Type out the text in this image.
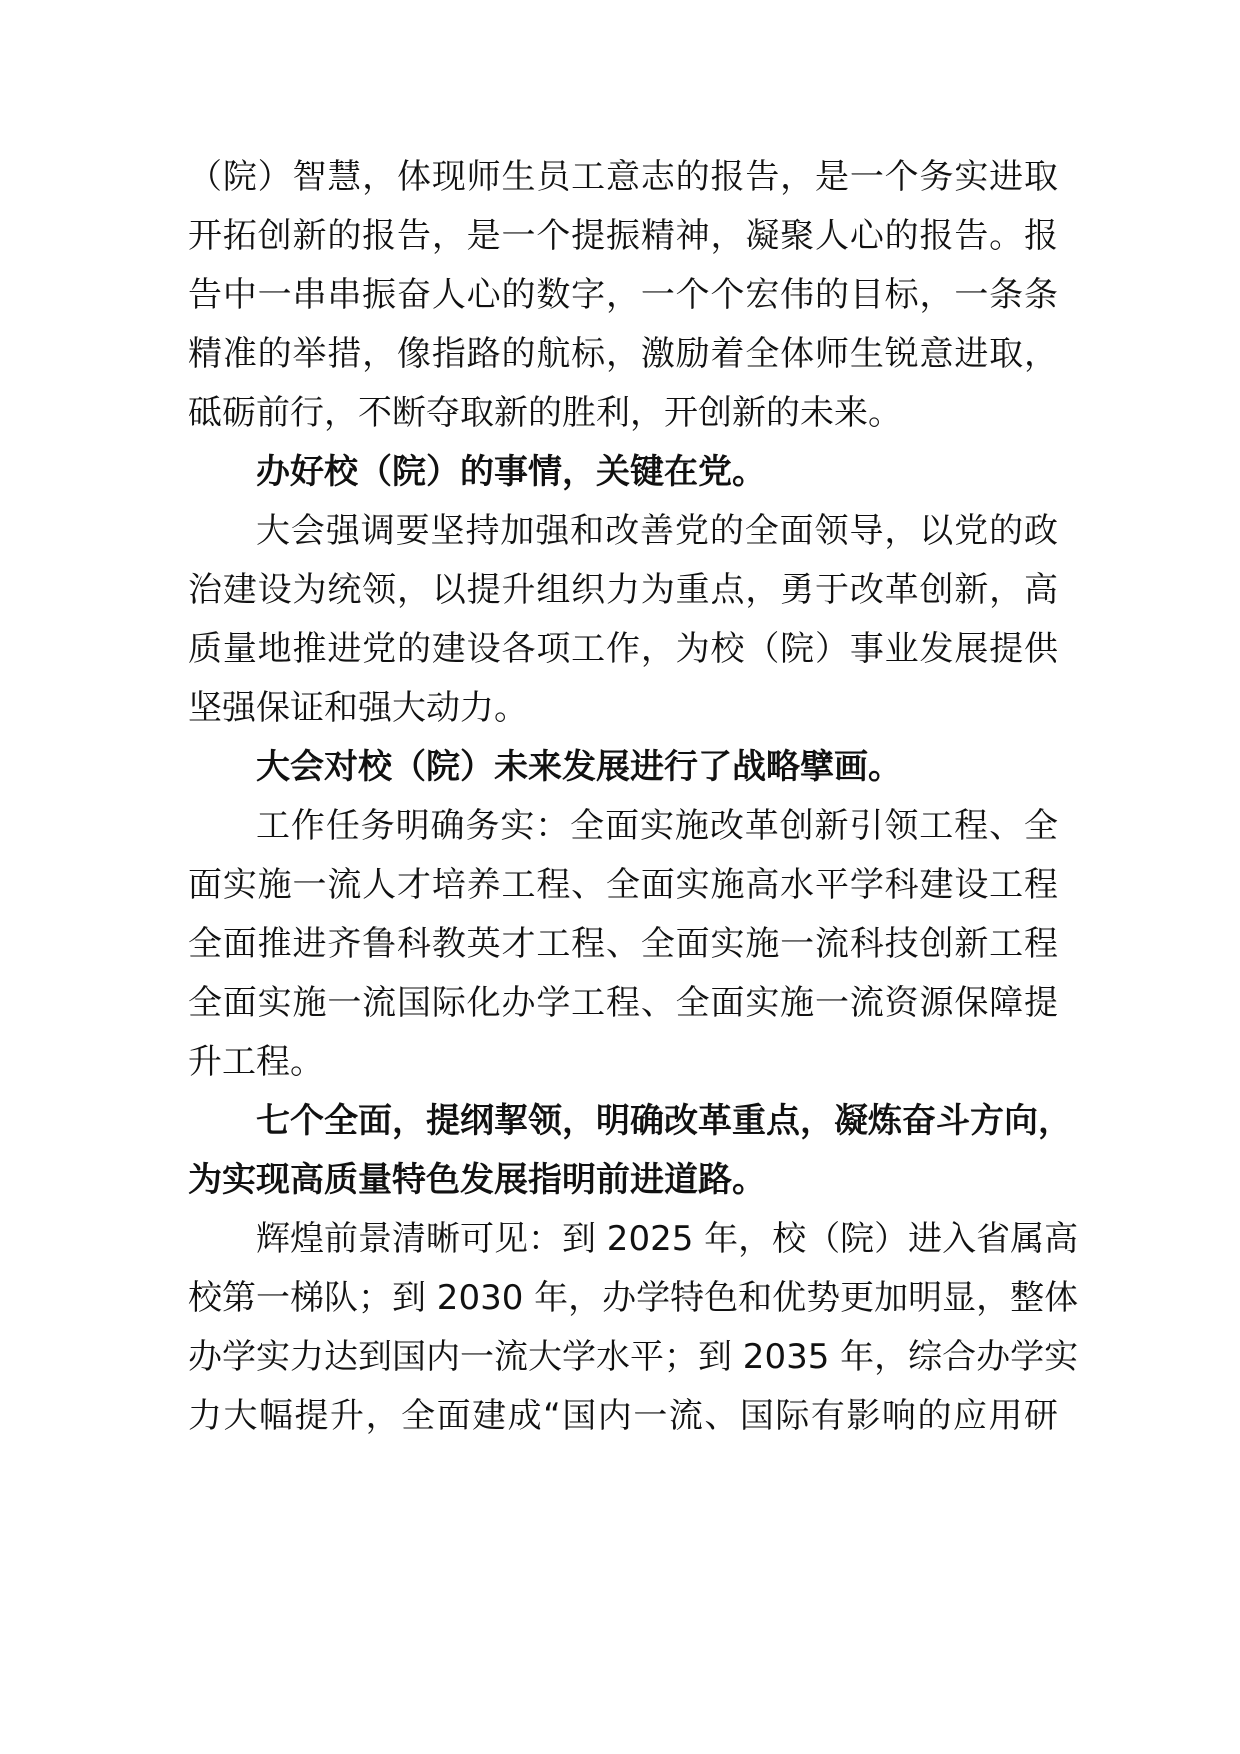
（院）智慧，体现师生员工意志的报告，是一个务实进取
开拓创新的报告，是一个提振精神，凝聚人心的报告。报
告中一串串振奋人心的数字，一个个宏伟的目标，一条条
精准的举措，像指路的航标，激励着全体师生锐意进取，
砥砺前行，不断夺取新的胜利，开创新的未来。
办好校（院）的事情，关键在党。
大会强调要坚持加强和改善党的全面领导，以党的政
治建设为统领，以提升组织力为重点，勇于改革创新，高
质量地推进党的建设各项工作，为校（院）事业发展提供
坚强保证和强大动力。
大会对校（院）未来发展进行了战略擘画。
工作任务明确务实：全面实施改革创新引领工程、全
面实施一流人才培养工程、全面实施高水平学科建设工程
全面推进齐鲁科教英才工程、全面实施一流科技创新工程
全面实施一流国际化办学工程、全面实施一流资源保障提
升工程。
七个全面，提纲挈领，明确改革重点，凝炼奋斗方向，
为实现高质量特色发展指明前进道路。
辉煌前景清晰可见：到 2025 年，校（院）进入省属高
校第一梯队；到 2030 年，办学特色和优势更加明显，整体
办学实力达到国内一流大学水平；到 2035 年，综合办学实
力大幅提升，全面建成“国内一流、国际有影响的应用研
